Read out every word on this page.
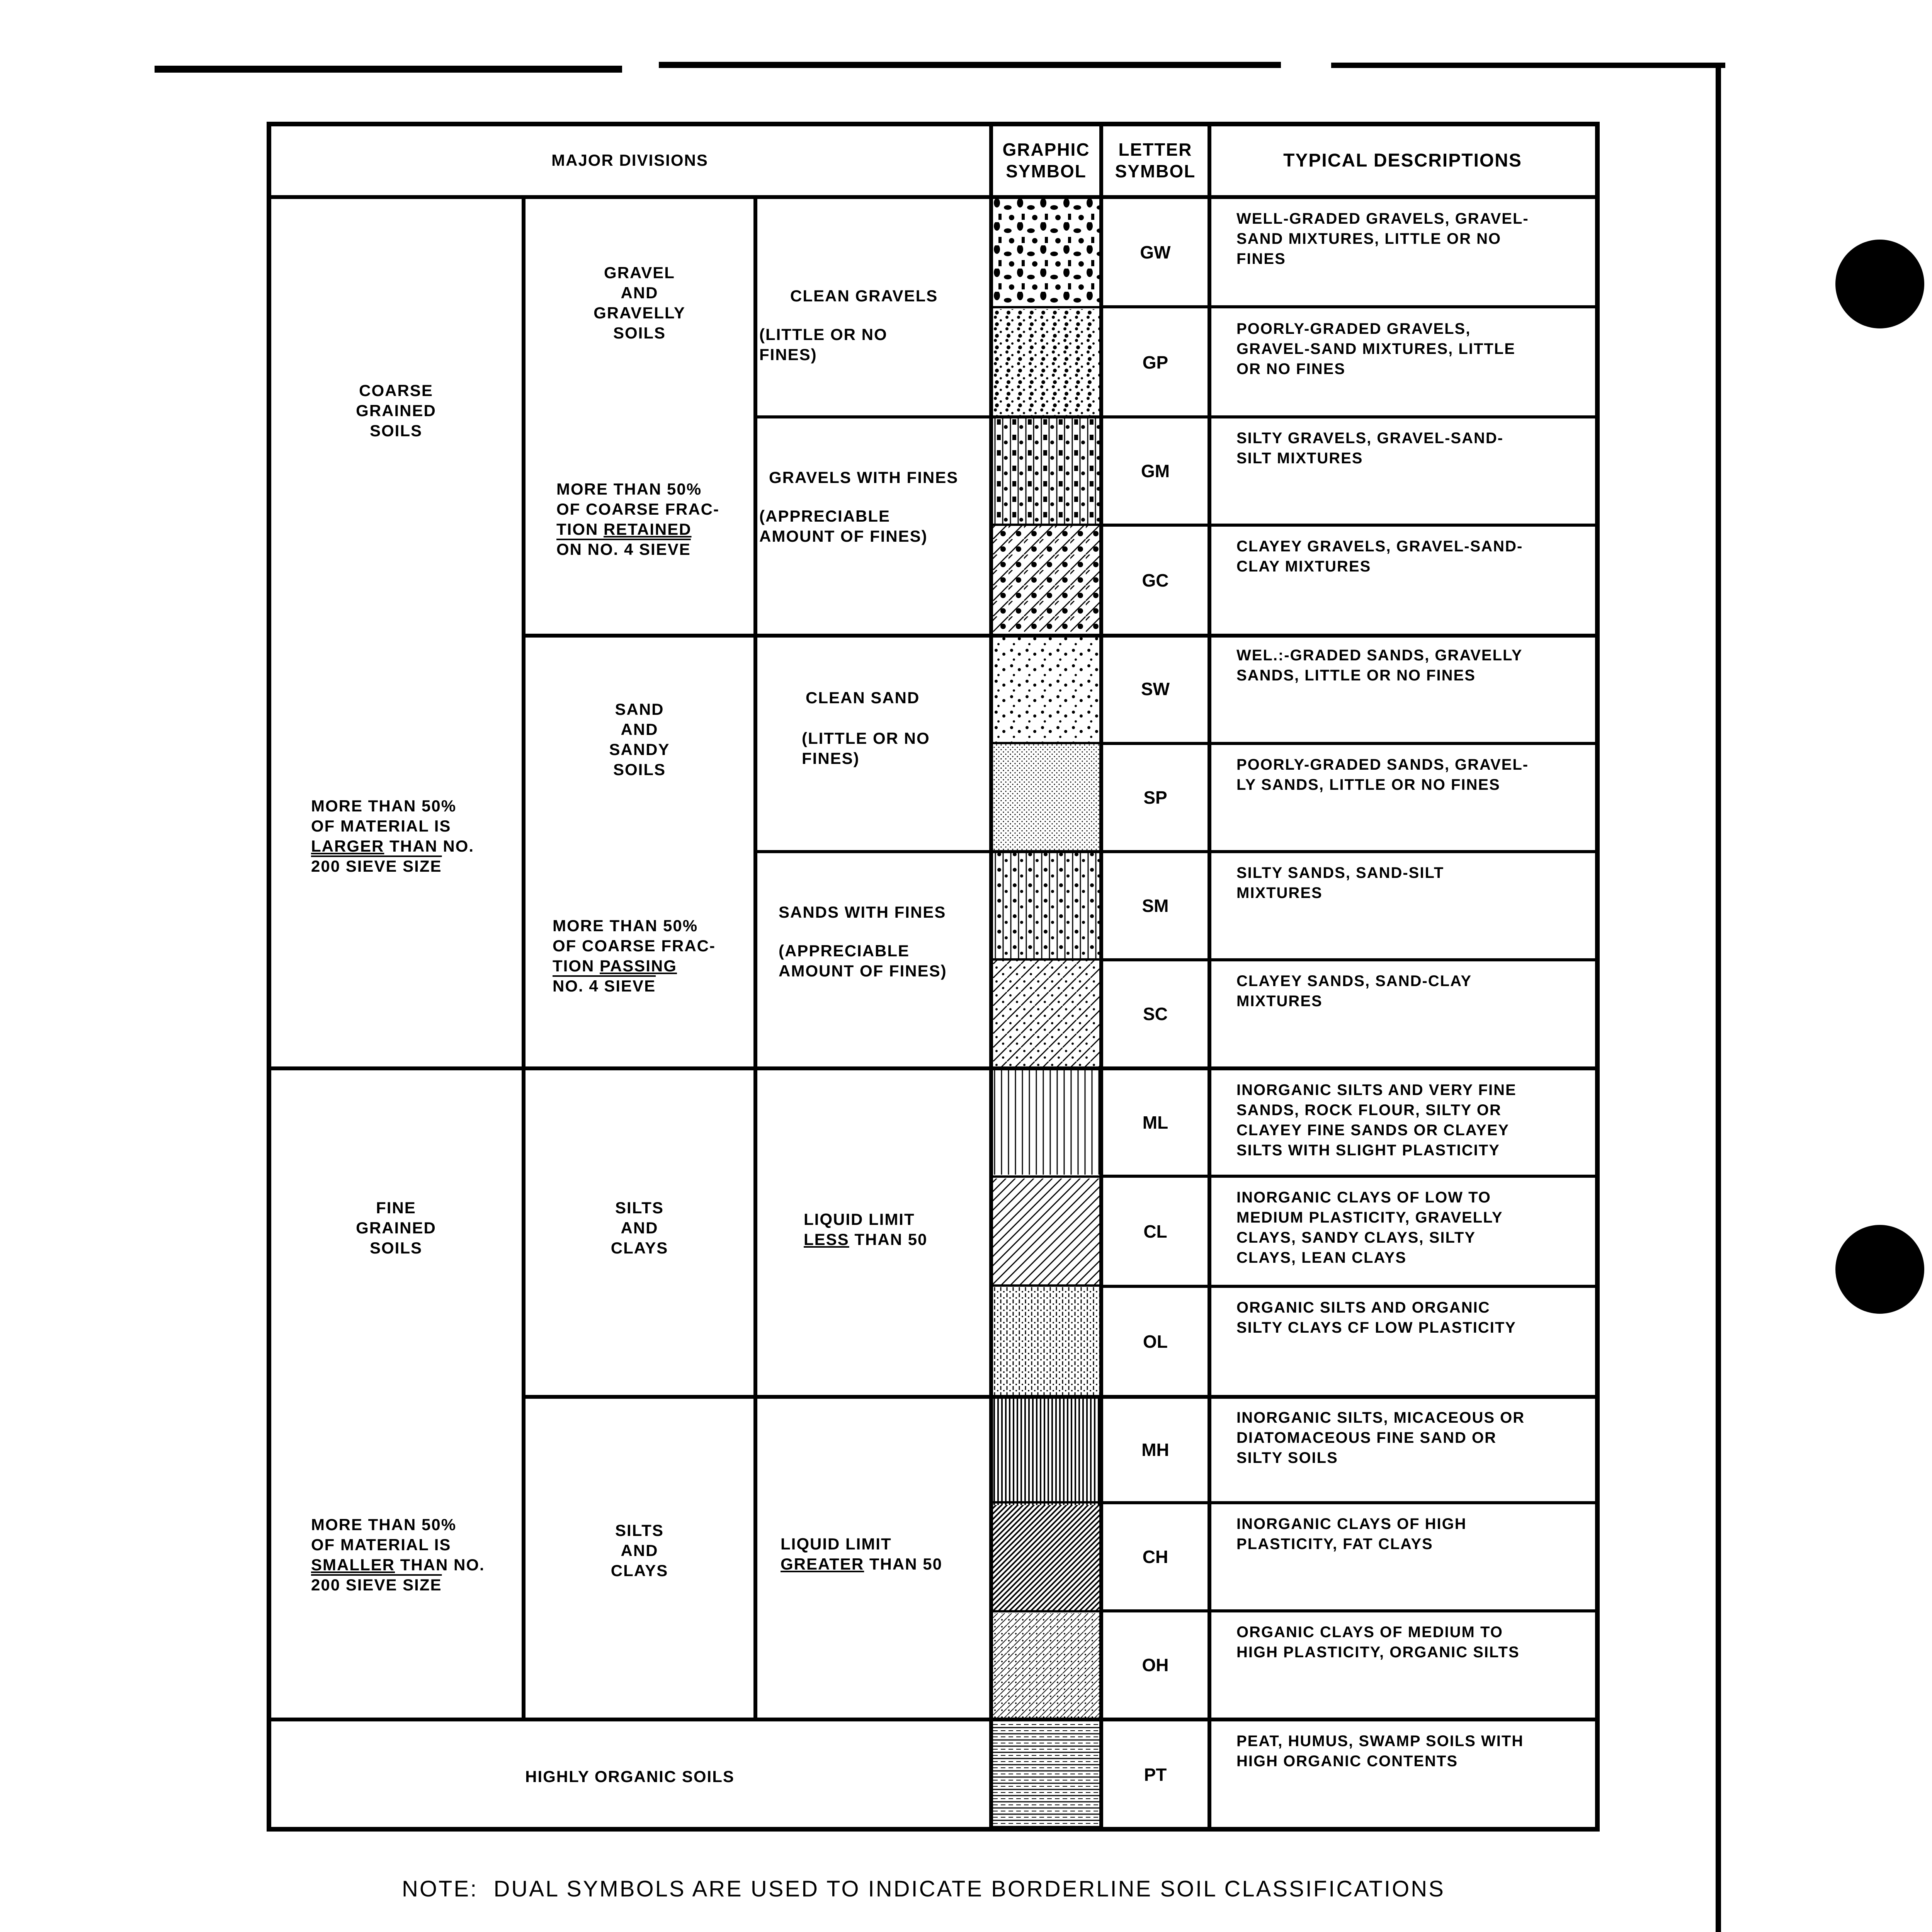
MAJOR DIVISIONS
GRAPHIC
SYMBOL
LETTER
SYMBOL
TYPICAL DESCRIPTIONS
COARSE
GRAINED
SOILS
MORE THAN 50%
OF MATERIAL IS
LARGER THAN NO.
200 SIEVE SIZE
GRAVEL
AND
GRAVELLY
SOILS
MORE THAN 50%
OF COARSE FRAC-
TION RETAINED
ON NO. 4 SIEVE
SAND
AND
SANDY
SOILS
MORE THAN 50%
OF COARSE FRAC-
TION PASSING
NO. 4 SIEVE
CLEAN GRAVELS
(LITTLE OR NO
FINES)
GRAVELS WITH FINES
(APPRECIABLE
AMOUNT OF FINES)
CLEAN SAND
(LITTLE OR NO
FINES)
SANDS WITH FINES
(APPRECIABLE
AMOUNT OF FINES)
FINE
GRAINED
SOILS
MORE THAN 50%
OF MATERIAL IS
SMALLER THAN NO.
200 SIEVE SIZE
SILTS
AND
CLAYS
SILTS
AND
CLAYS
LIQUID LIMIT
LESS THAN 50
LIQUID LIMIT
GREATER THAN 50
HIGHLY ORGANIC SOILS
GW
WELL-GRADED GRAVELS, GRAVEL-
SAND MIXTURES, LITTLE OR NO
FINES
GP
POORLY-GRADED GRAVELS,
GRAVEL-SAND MIXTURES, LITTLE
OR NO FINES
GM
SILTY GRAVELS, GRAVEL-SAND-
SILT MIXTURES
GC
CLAYEY GRAVELS, GRAVEL-SAND-
CLAY MIXTURES
SW
WEL.:-GRADED SANDS, GRAVELLY
SANDS, LITTLE OR NO FINES
SP
POORLY-GRADED SANDS, GRAVEL-
LY SANDS, LITTLE OR NO FINES
SM
SILTY SANDS, SAND-SILT
MIXTURES
SC
CLAYEY SANDS, SAND-CLAY
MIXTURES
ML
INORGANIC SILTS AND VERY FINE
SANDS, ROCK FLOUR, SILTY OR
CLAYEY FINE SANDS OR CLAYEY
SILTS WITH SLIGHT PLASTICITY
CL
INORGANIC CLAYS OF LOW TO
MEDIUM PLASTICITY, GRAVELLY
CLAYS, SANDY CLAYS, SILTY
CLAYS, LEAN CLAYS
OL
ORGANIC SILTS AND ORGANIC
SILTY CLAYS CF LOW PLASTICITY
MH
INORGANIC SILTS, MICACEOUS OR
DIATOMACEOUS FINE SAND OR
SILTY SOILS
CH
INORGANIC CLAYS OF HIGH
PLASTICITY, FAT CLAYS
OH
ORGANIC CLAYS OF MEDIUM TO
HIGH PLASTICITY, ORGANIC SILTS
PT
PEAT, HUMUS, SWAMP SOILS WITH
HIGH ORGANIC CONTENTS
NOTE:  DUAL SYMBOLS ARE USED TO INDICATE BORDERLINE SOIL CLASSIFICATIONS
